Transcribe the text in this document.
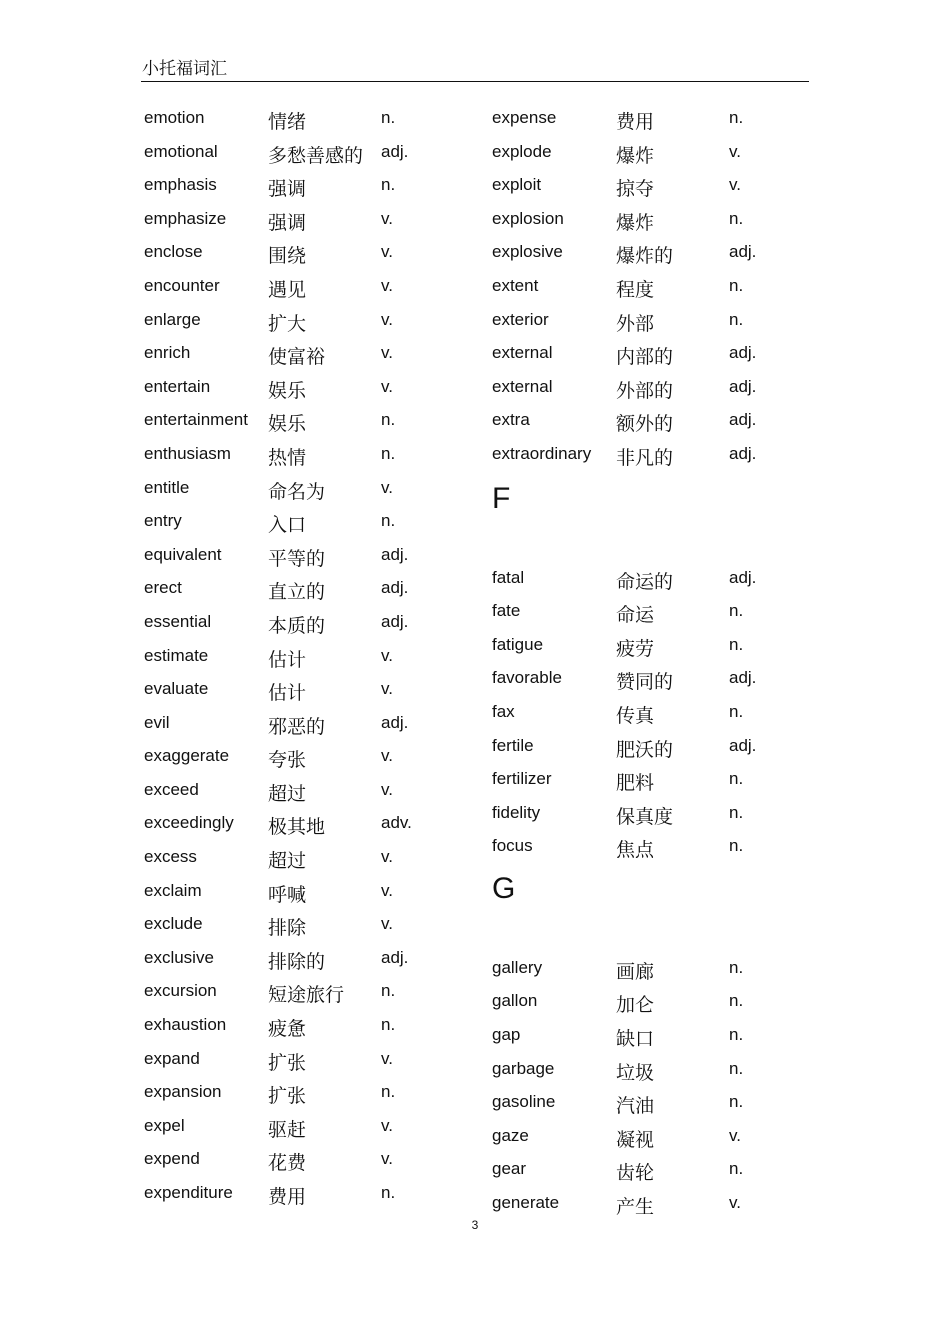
小托福词汇
emotion	情绪	n.
emotional	多愁善感的 adj.
emphasis	强调	n.
emphasize 强调	v.
enclose	围绕	v.
encounter	遇见	v.
enlarge	扩大	v.
enrich	使富裕	v.
entertain	娱乐	v.
entertainment 娱乐	n.
enthusiasm 热情	n.
entitle	命名为	v.
entry	入口	n.
equivalent 平等的	adj.
erect	直立的	adj.
essential	本质的	adj.
estimate	估计	v.
evaluate	估计	v.
evil	邪恶的	adj.
exaggerate 夸张	v.
exceed	超过	v.
exceedingly 极其地	adv.
excess	超过	v.
exclaim	呼喊	v.
exclude	排除	v.
exclusive	排除的	adj.
excursion	短途旅行 n.
exhaustion 疲惫	n.
expand	扩张	v.
expansion 扩张	n.
expel	驱赶	v.
expend	花费	v.
expenditure 费用	n.
expense	费用	n.
explode	爆炸	v.
exploit	掠夺	v.
explosion	爆炸	n.
explosive	爆炸的	adj.
extent	程度	n.
exterior	外部	n.
external	内部的	adj.
external	外部的	adj.
extra	额外的	adj.
extraordinary 非凡的	adj.
F
fatal	命运的	adj.
fate	命运	n.
fatigue	疲劳	n.
favorable	赞同的	adj.
fax	传真	n.
fertile	肥沃的	adj.
fertilizer	肥料	n.
fidelity	保真度	n.
focus	焦点	n.
G
gallery	画廊	n.
gallon	加仑	n.
gap	缺口	n.
garbage	垃圾	n.
gasoline	汽油	n.
gaze	凝视	v.
gear	齿轮	n.
generate	产生	v.
3
